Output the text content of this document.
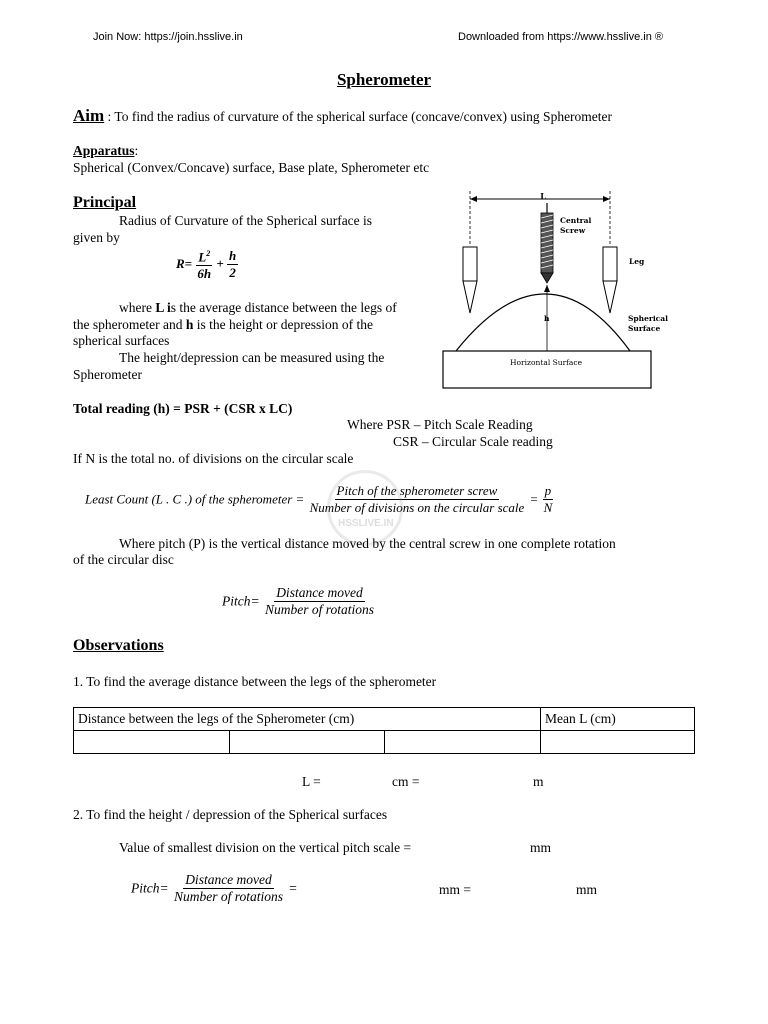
Join Now: https://join.hsslive.in	Downloaded from https://www.hsslive.in ®
Spherometer
Aim : To find the radius of curvature of the spherical surface (concave/convex) using Spherometer
Apparatus:
Spherical (Convex/Concave) surface, Base plate, Spherometer etc
Principal
Radius of Curvature of the Spherical surface is
given by
$R= \frac{L^2}{6h} + \frac{h}{2}$
where L is the average distance between the legs of
the spherometer and h is the height or depression of the
spherical surfaces
The height/depression can be measured using the
Spherometer
L
Central
Screw
Leg
h	Spherical
Surface
Horizontal Surface
Total reading (h) = PSR + (CSR x LC)
Where PSR – Pitch Scale Reading
CSR – Circular Scale reading
If N is the total no. of divisions on the circular scale
Least Count (L . C .) of the spherometer = $\frac{\text{Pitch of the spherometer screw}}{\text{Number of divisions on the circular scale}} = \frac{p}{N}$
HSSLIVE.IN
Where pitch (P) is the vertical distance moved by the central screw in one complete rotation
of the circular disc
Pitch= $\frac{\text{Distance moved}}{\text{Number of rotations}}$
Observations
1. To find the average distance between the legs of the spherometer
Distance between the legs of the Spherometer (cm)			Mean L (cm)

L =	cm =	m
2. To find the height / depression of the Spherical surfaces
Value of smallest division on the vertical pitch scale =	mm
Pitch= $\frac{\text{Distance moved}}{\text{Number of rotations}}$ =	mm =	mm
